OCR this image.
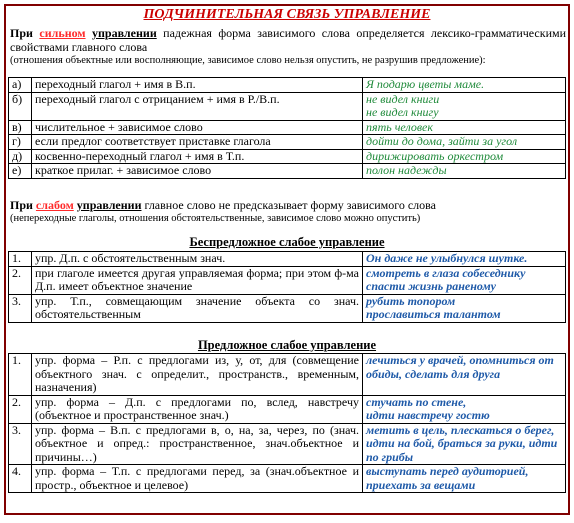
ПОДЧИНИТЕЛЬНАЯ СВЯЗЬ УПРАВЛЕНИЕ
При сильном управлении падежная форма зависимого слова определяется лексико-грамматическими свойствами главного слова
(отношения объектные или восполняющие, зависимое слово нельзя опустить, не разрушив предложение):
а)	переходный глагол + имя в В.п.	Я подарю цветы маме.
б)	переходный глагол с отрицанием + имя в Р./В.п.	не видел книги
не видел книгу
в)	числительное + зависимое слово	пять человек
г)	если предлог соответствует приставке глагола	дойти до дома, зайти за угол
д)	косвенно-переходный глагол + имя в Т.п.	дирижировать оркестром
е)	краткое прилаг. + зависимое слово	полон надежды
При слабом управлении главное слово не предсказывает форму зависимого слова
(непереходные глаголы, отношения обстоятельственные, зависимое слово можно опустить)
Беспредложное слабое управление
1.	упр. Д.п. с обстоятельственным знач.	Он даже не улыбнулся шутке.
2.	при глаголе имеется другая управляемая форма; при этом ф-ма Д.п. имеет объектное значение	смотреть в глаза собеседнику
спасти жизнь раненому
3.	упр. Т.п., совмещающим значение объекта со знач. обстоятельственным	рубить топором
прославиться талантом
Предложное слабое управление
1.	упр. форма – Р.п. с предлогами из, у, от, для (совмещение объектного знач. с определит., пространств., временным, назначения)	лечиться у врачей, опомниться от обиды, сделать для друга
2.	упр. форма – Д.п. с предлогами по, вслед, навстречу (объектное и пространственное знач.)	стучать по стене,
идти навстречу гостю
3.	упр. форма – В.п. с предлогами в, о, на, за, через, по (знач. объектное и опред.: пространственное, знач.объектное и причины…)	метить в цель, плескаться о берег, идти на бой, браться за руки, идти по грибы
4.	упр. форма – Т.п. с предлогами перед, за (знач.объектное и простр., объектное и целевое)	выступать перед аудиторией, приехать за вещами
